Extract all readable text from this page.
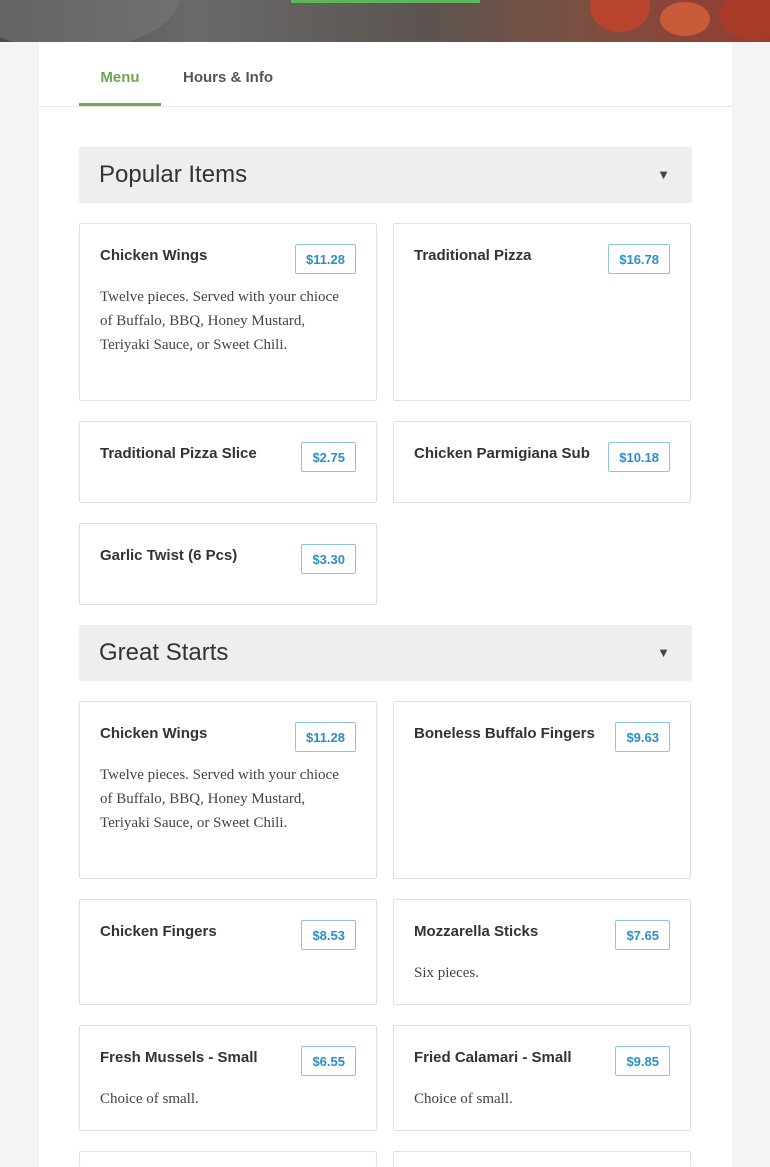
Menu	Hours & Info
Popular Items	▼
Chicken Wings	$11.28
Twelve pieces. Served with your chioce of Buffalo, BBQ, Honey Mustard, Teriyaki Sauce, or Sweet Chili.
Traditional Pizza	$16.78
Traditional Pizza Slice	$2.75	Chicken Parmigiana Sub	$10.18
Garlic Twist (6 Pcs)	$3.30
Great Starts	▼
Chicken Wings	$11.28
Twelve pieces. Served with your chioce of Buffalo, BBQ, Honey Mustard, Teriyaki Sauce, or Sweet Chili.
Boneless Buffalo Fingers	$9.63
Chicken Fingers	$8.53	Mozzarella Sticks	$7.65
Six pieces.
Fresh Mussels - Small	$6.55
Choice of small.
Fried Calamari - Small	$9.85
Choice of small.
